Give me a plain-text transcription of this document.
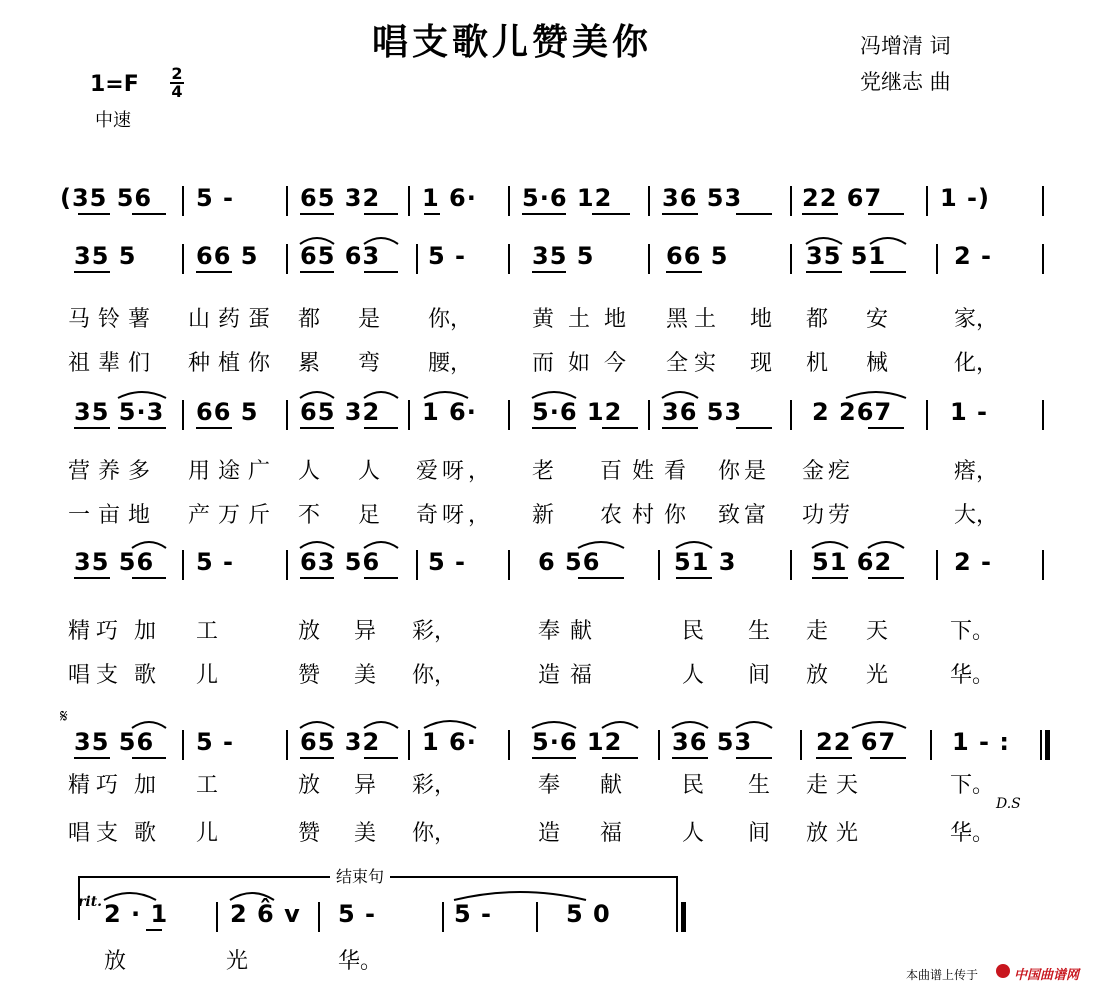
唱支歌儿赞美你	冯增清 词
党继志 曲
1=F 2
4
中速
(35 56 5 -	65 32 1 6· 5·6 12 36 53 22 67 1 -)
35 5 66 5 65 63 5 -	35 5	66 5	35 51	2 -
马铃薯 山药蛋 都 是 你，	黄土地 黑土 地 都 安	家，
祖辈们 种植你 累 弯 腰，	而如今 全实 现 机 械	化，
35 5·3 66 5 65 32 1 6· 5·6 12 36 53	2 267 1 -
营养多 用途广 人 人 爱呀， 老 百姓 看 你是 金疙	瘩，
一亩地 产万斤 不 足 奇呀， 新 农村 你 致富 功劳	大，
35 56 5 -	63 56 5 -	6 56	51 3	51 62	2 -
精巧 加 工	放 异 彩，	奉献	民 生 走 天	下。
唱支 歌 儿	赞 美 你，	造福	人 间 放 光	华。
𝄋
35 56 5 -	65 32 1 6· 5·6 12 36 53	22 67 1 - :
精巧 加 工	放 异 彩，	奉 献	民 生 走天	下。
D.S
唱支 歌 儿	赞 美 你，	造 福	人 间 放光	华。
结束句
rit. 2 · 1	2 6̂ v 5 -	5 -	5 0
放	光	华。
本曲谱上传于	中国曲谱网
